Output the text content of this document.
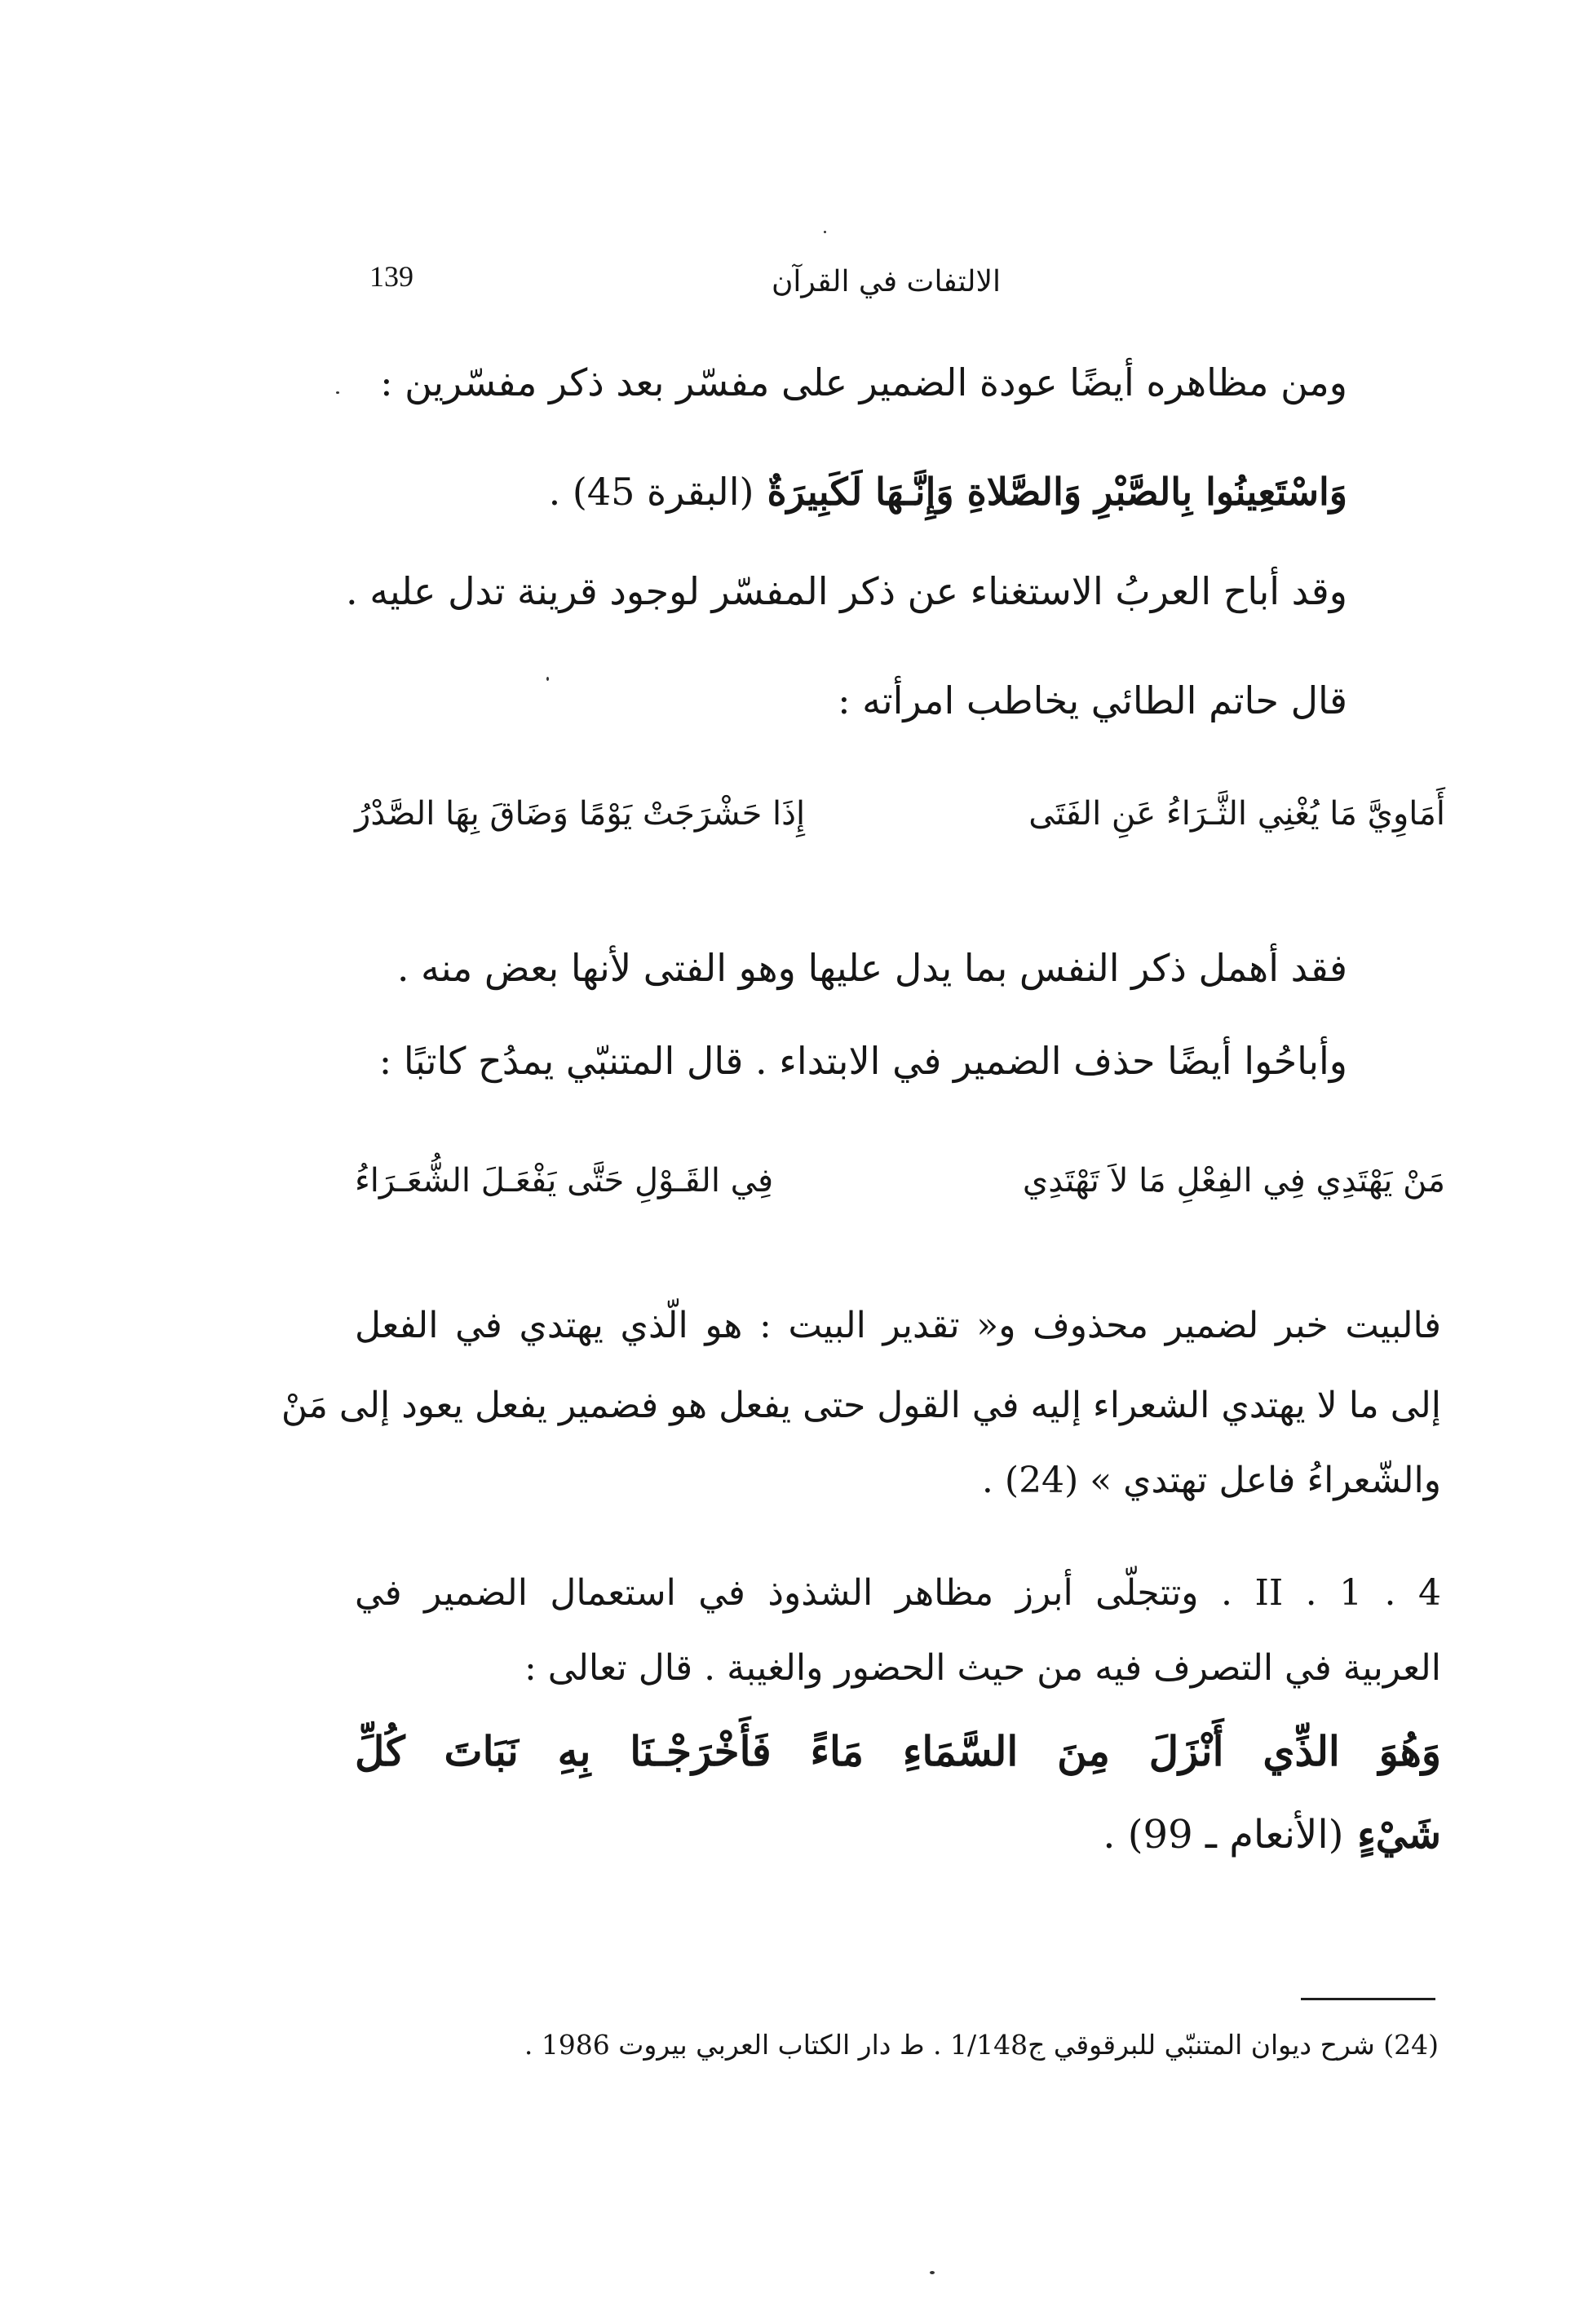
139	الالتفات في القرآن
ومن مظاهره أيضًا عودة الضمير على مفسّر بعد ذكر مفسّرين :
وَاسْتَعِينُوا بِالصَّبْرِ وَالصَّلاةِ وَإِنَّـهَا لَكَبِيرَةٌ (البقرة 45) .
وقد أباح العربُ الاستغناء عن ذكر المفسّر لوجود قرينة تدل عليه .
قال حاتم الطائي يخاطب امرأته :
أَمَاوِيَّ مَا يُغْنِي الثَّـرَاءُ عَنِ الفَتَى
إِذَا حَشْرَجَتْ يَوْمًا وَضَاقَ بِهَا الصَّدْرُ
فقد أهمل ذكر النفس بما يدل عليها وهو الفتى لأنها بعض منه .
وأباحُوا أيضًا حذف الضمير في الابتداء . قال المتنبّي يمدُح كاتبًا :
مَنْ يَهْتَدِي فِي الفِعْلِ مَا لاَ تَهْتَدِي
فِي القَـوْلِ حَتَّى يَفْعَـلَ الشُّعَـرَاءُ
فالبيت خبر لضمير محذوف و« تقدير البيت : هو الّذي يهتدي في الفعل
إلى ما لا يهتدي الشعراء إليه في القول حتى يفعل هو فضمير يفعل يعود إلى مَنْ
والشّعراءُ فاعل تهتدي » (24) .
II . 1 . 4 . وتتجلّى أبرز مظاهر الشذوذ في استعمال الضمير في
العربية في التصرف فيه من حيث الحضور والغيبة . قال تعالى :
وَهُوَ الذِّي أَنْزَلَ مِنَ السَّمَاءِ مَاءً فَأَخْرَجْـنَا بِهِ نَبَاتَ كُلِّ
شَيْءٍ (الأنعام ـ 99) .
(24) شرح ديوان المتنبّي للبرقوقي ج1/148 . ط دار الكتاب العربي بيروت 1986 .
